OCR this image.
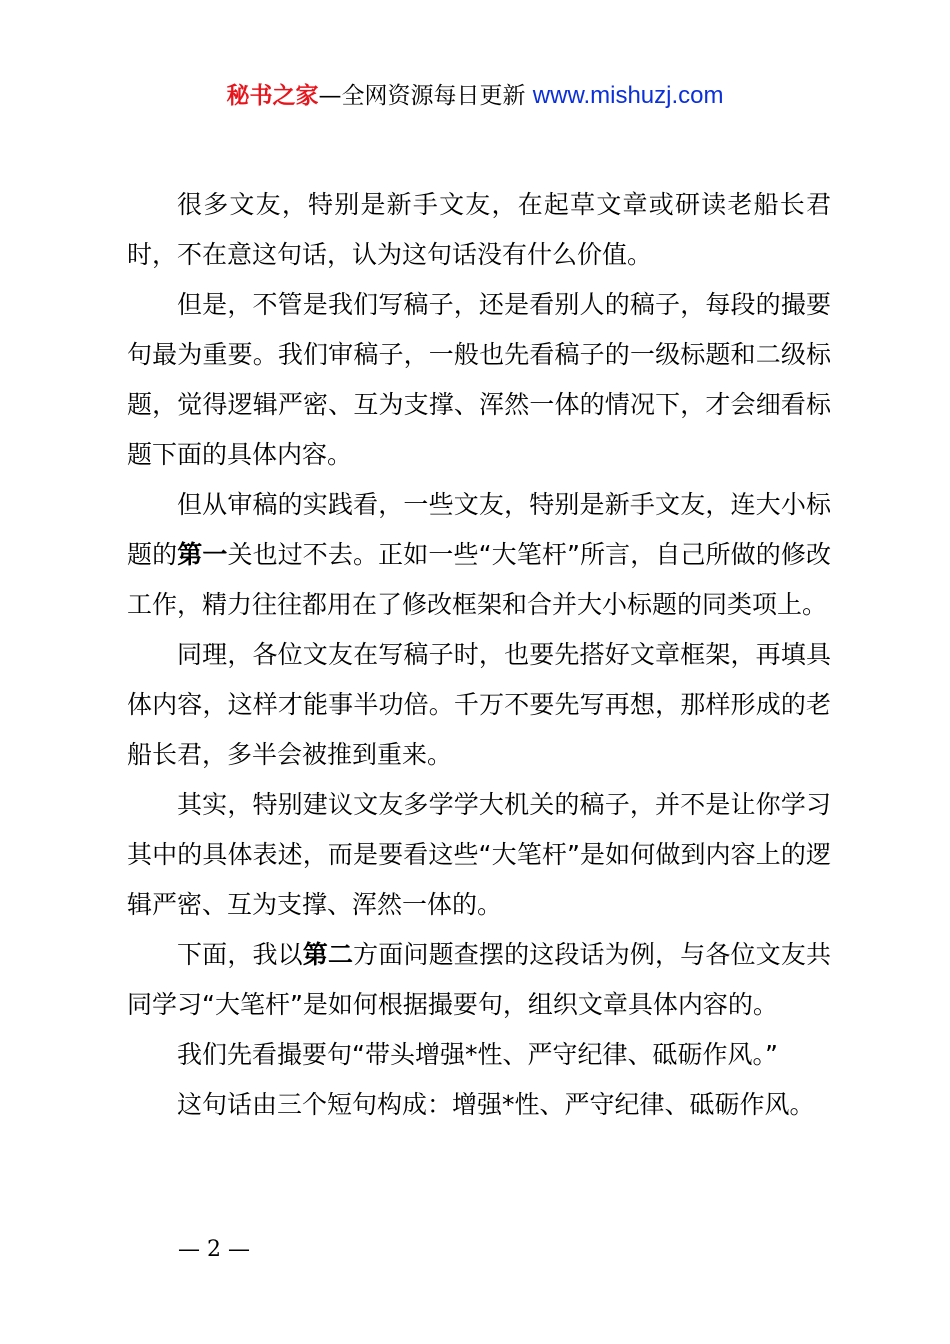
秘书之家—全网资源每日更新 www.mishuzj.com

很多文友，特别是新手文友，在起草文章或研读老船长君时，不在意这句话，认为这句话没有什么价值。

但是，不管是我们写稿子，还是看别人的稿子，每段的撮要句最为重要。我们审稿子，一般也先看稿子的一级标题和二级标题，觉得逻辑严密、互为支撑、浑然一体的情况下，才会细看标题下面的具体内容。

但从审稿的实践看，一些文友，特别是新手文友，连大小标题的第一关也过不去。正如一些“大笔杆”所言，自己所做的修改工作，精力往往都用在了修改框架和合并大小标题的同类项上。

同理，各位文友在写稿子时，也要先搭好文章框架，再填具体内容，这样才能事半功倍。千万不要先写再想，那样形成的老船长君，多半会被推到重来。

其实，特别建议文友多学学大机关的稿子，并不是让你学习其中的具体表述，而是要看这些“大笔杆”是如何做到内容上的逻辑严密、互为支撑、浑然一体的。

下面，我以第二方面问题查摆的这段话为例，与各位文友共同学习“大笔杆”是如何根据撮要句，组织文章具体内容的。

我们先看撮要句“带头增强*性、严守纪律、砥砺作风。”

这句话由三个短句构成：增强*性、严守纪律、砥砺作风。

— 2 —
